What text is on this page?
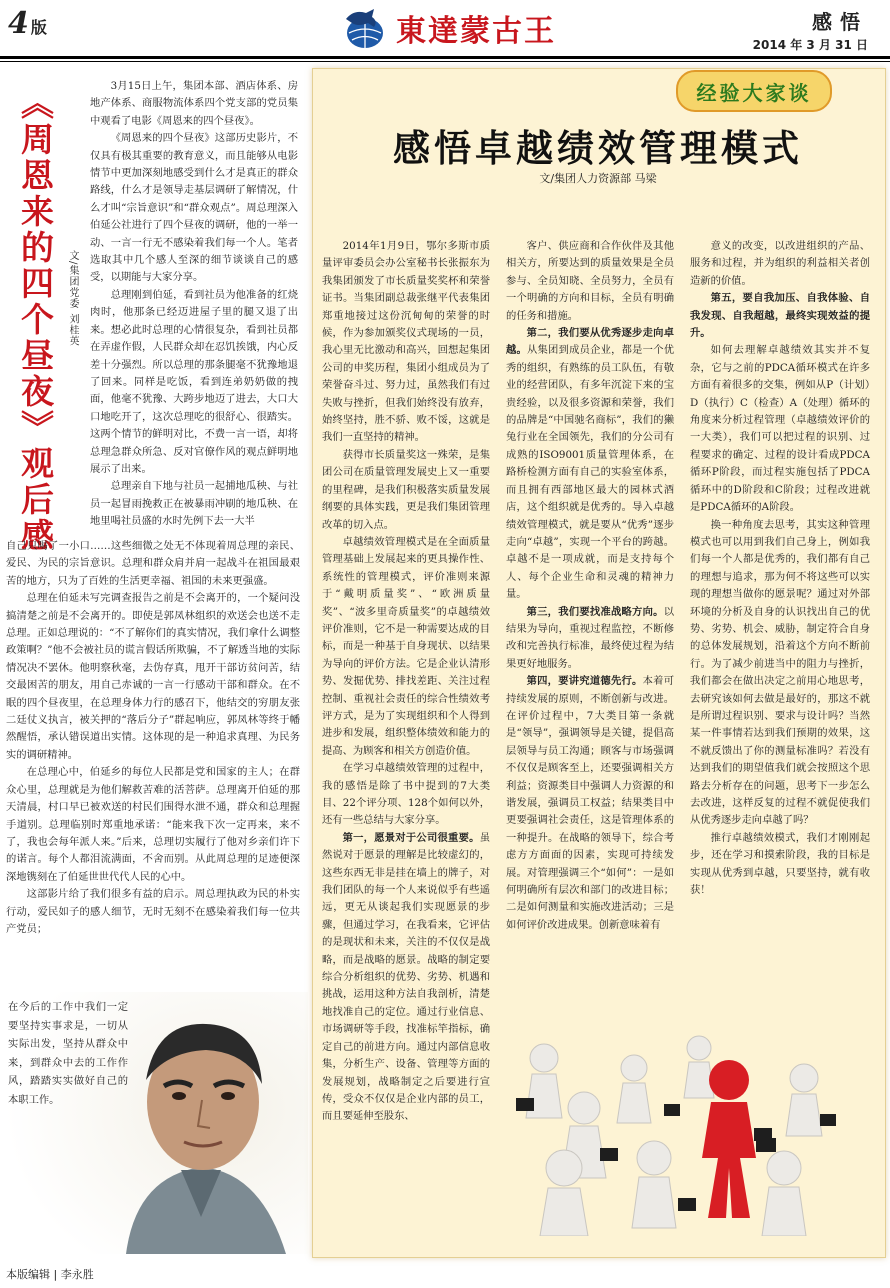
4 版	東達蒙古王	感悟
2014 年 3 月 31 日
《周恩来的四个昼夜》观后感 文/集团党委 刘桂英

3月15日上午，集团本部、酒店体系、房地产体系、商服物流体系四个党支部的党员集中观看了电影《周恩来的四个昼夜》。

《周恩来的四个昼夜》这部历史影片，不仅具有极其重要的教育意义，而且能够从电影情节中更加深刻地感受到什么才是真正的群众路线，什么才是领导走基层调研了解情况，什么才叫“宗旨意识”和“群众观点”。周总理深入伯延公社进行了四个昼夜的调研，他的一举一动、一言一行无不感染着我们每一个人。笔者选取其中几个感人至深的细节谈谈自己的感受，以期能与大家分享。

总理刚到伯延，看到社员为他准备的红烧肉时，他那条已经迈进屋子里的腿又退了出来。想必此时总理的心情很复杂，看到社员都在弄虚作假，人民群众却在忍饥挨饿，内心反差十分强烈。所以总理的那条腿毫不犹豫地退了回来。同样是吃饭，看到连弟奶奶做的拽面，他毫不犹豫、大跨步地迈了进去，大口大口地吃开了，这次总理吃的很舒心、很踏实。这两个情节的鲜明对比，不费一言一语，却将总理急群众所急、反对官僚作风的观点鲜明地展示了出来。

总理亲自下地与社员一起捕地瓜秧、与社员一起冒雨挽救正在被暴雨冲刷的地瓜秧、在地里喝社员盛的水时先例下去一大半

自己只喝了一小口……这些细微之处无不体现着周总理的亲民、爱民、为民的宗旨意识。总理和群众肩并肩一起战斗在祖国最艰苦的地方，只为了百姓的生活更幸福、祖国的未来更强盛。

总理在伯延未写完调查报告之前是不会离开的，一个疑问没搞清楚之前是不会离开的。即使是郭凤林组织的欢送会也送不走总理。正如总理说的：“不了解你们的真实情况，我们拿什么调整政策啊？”他不会被社员的谎言假话所欺骗，不了解透当地的实际情况决不罢休。他明察秋毫，去伪存真，甩开干部访贫问苦，结交最困苦的朋友，用自己赤诚的一言一行感动干部和群众。在不眠的四个昼夜里，在总理身体力行的感召下，他结交的穷朋友张二廷仗义执言，被关押的“落后分子”群起响应，郭凤林等终于幡然醒悟，承认错误道出实情。这体现的是一种追求真理、为民务实的调研精神。

在总理心中，伯延乡的每位人民都是党和国家的主人；在群众心里，总理就是为他们解救苦难的活菩萨。总理离开伯延的那天清晨，村口早已被欢送的村民们围得水泄不通，群众和总理握手道别。总理临别时郑重地承诺：“能来我下次一定再来，来不了，我也会每年派人来。”后来，总理切实履行了他对乡亲们许下的诺言。每个人都泪流满面，不舍而别。从此周总理的足迹便深深地镌刻在了伯延世世代代人民的心中。

这部影片给了我们很多有益的启示。周总理执政为民的朴实行动，爱民如子的感人细节，无时无刻不在感染着我们每一位共产党员；

在今后的工作中我们一定要坚持实事求是，一切从实际出发，坚持从群众中来，到群众中去的工作作风，踏踏实实做好自己的本职工作。

本版编辑 | 李永胜
经验大家谈
感悟卓越绩效管理模式
文/集团人力资源部 马梁

2014年1月9日，鄂尔多斯市质量评审委员会办公室秘书长张振东为我集团颁发了市长质量奖奖杯和荣誉证书。当集团副总裁张继平代表集团郑重地接过这份沉甸甸的荣誉的时候，作为参加颁奖仪式现场的一员，我心里无比激动和高兴，回想起集团公司的申奖历程，集团小组成员为了荣誉奋斗过、努力过，虽然我们有过失败与挫折，但我们始终没有放弃，始终坚持，胜不骄、败不馁，这就是我们一直坚持的精神。

获得市长质量奖这一殊荣，是集团公司在质量管理发展史上又一重要的里程碑，是我们积极落实质量发展纲要的具体实践，更是我们集团管理改革的切入点。

卓越绩效管理模式是在全面质量管理基础上发展起来的更具操作性、系统性的管理模式，评价准则来源于“戴明质量奖”、“欧洲质量奖”、“波多里奇质量奖”的卓越绩效评价准则，它不是一种需要达成的目标，而是一种基于自身现状、以结果为导向的评价方法。它是企业认清形势、发掘优势、排找差距、关注过程控制、重视社会责任的综合性绩效考评方式，是为了实现组织和个人得到进步和发展，组织整体绩效和能力的提高、为顾客和相关方创造价值。

在学习卓越绩效管理的过程中，我的感悟是除了书中提到的7大类目、22个评分项、128个如何以外，还有一些总结与大家分享。

第一，愿景对于公司很重要。虽然说对于愿景的理解是比较虚幻的，这些东西无非是挂在墙上的牌子，对我们团队的每一个人来说似乎有些遥远，更无从谈起我们实现愿景的步骤，但通过学习，在我看来，它评估的是现状和未来，关注的不仅仅是战略，而是战略的愿景。战略的制定要综合分析组织的优势、劣势、机遇和挑战，运用这种方法自我剖析，清楚地找准自己的定位。通过行业信息、市场调研等手段，找准标竿指标，确定自己的前进方向。通过内部信息收集，分析生产、设备、管理等方面的发展规划，战略制定之后要进行宣传，受众不仅仅是企业内部的员工，而且要延伸至股东、

客户、供应商和合作伙伴及其他相关方，所要达到的质量效果是全员参与、全员知晓、全员努力，全员有一个明确的方向和目标，全员有明确的任务和措施。

第二，我们要从优秀逐步走向卓越。从集团到成员企业，都是一个优秀的组织，有熟练的员工队伍，有敬业的经营团队，有多年沉淀下来的宝贵经验，以及很多资源和荣誉，我们的品牌是“中国驰名商标”，我们的獭兔行业在全国领先，我们的分公司有成熟的ISO9001质量管理体系，在路桥检测方面有自己的实验室体系，而且拥有西部地区最大的园林式酒店，这个组织就是优秀的。导入卓越绩效管理模式，就是要从“优秀”逐步走向“卓越”，实现一个平台的跨越。卓越不是一项成就，而是支持每个人、每个企业生命和灵魂的精神力量。

第三，我们要找准战略方向。以结果为导向，重视过程监控，不断修改和完善执行标准，最终使过程为结果更好地服务。

第四，要讲究道德先行。本着可持续发展的原则，不断创新与改进。在评价过程中，7大类目第一条就是“领导”，强调领导是关键，提倡高层领导与员工沟通；顾客与市场强调不仅仅是顾客至上，还要强调相关方利益；资源类目中强调人力资源的和谐发展，强调员工权益；结果类目中更要强调社会责任，这是管理体系的一种提升。在战略的领导下，综合考虑方方面面的因素，实现可持续发展。对管理强调三个“如何”：一是如何明确所有层次和部门的改进目标；二是如何测量和实施改进活动；三是如何评价改进成果。创新意味着有

意义的改变，以改进组织的产品、服务和过程，并为组织的利益相关者创造新的价值。

第五，要自我加压、自我体验、自我发现、自我超越，最终实现效益的提升。

如何去理解卓越绩效其实并不复杂，它与之前的PDCA循环模式在许多方面有着很多的交集，例如从P（计划）D（执行）C（检查）A（处理）循环的角度来分析过程管理（卓越绩效评价的一大类），我们可以把过程的识别、过程要求的确定、过程的设计看成PDCA循环P阶段，而过程实施包括了PDCA循环中的D阶段和C阶段；过程改进就是PDCA循环的A阶段。

换一种角度去思考，其实这种管理模式也可以用到我们自己身上，例如我们每一个人都是优秀的，我们都有自己的理想与追求，那为何不将这些可以实现的理想当做你的愿景呢？通过对外部环境的分析及自身的认识找出自己的优势、劣势、机会、威胁，制定符合自身的总体发展规划，沿着这个方向不断前行。为了减少前进当中的阻力与挫折，我们都会在做出决定之前用心地思考，去研究该如何去做是最好的，那这不就是所谓过程识别、要求与设计吗？当然某一件事情若达到我们预期的效果，这不就反馈出了你的测量标准吗？若没有达到我们的期望值我们就会按照这个思路去分析存在的问题，思考下一步怎么去改进，这样反复的过程不就促使我们从优秀逐步走向卓越了吗？

推行卓越绩效模式，我们才刚刚起步，还在学习和摸索阶段，我的目标是实现从优秀到卓越，只要坚持，就有收获！
